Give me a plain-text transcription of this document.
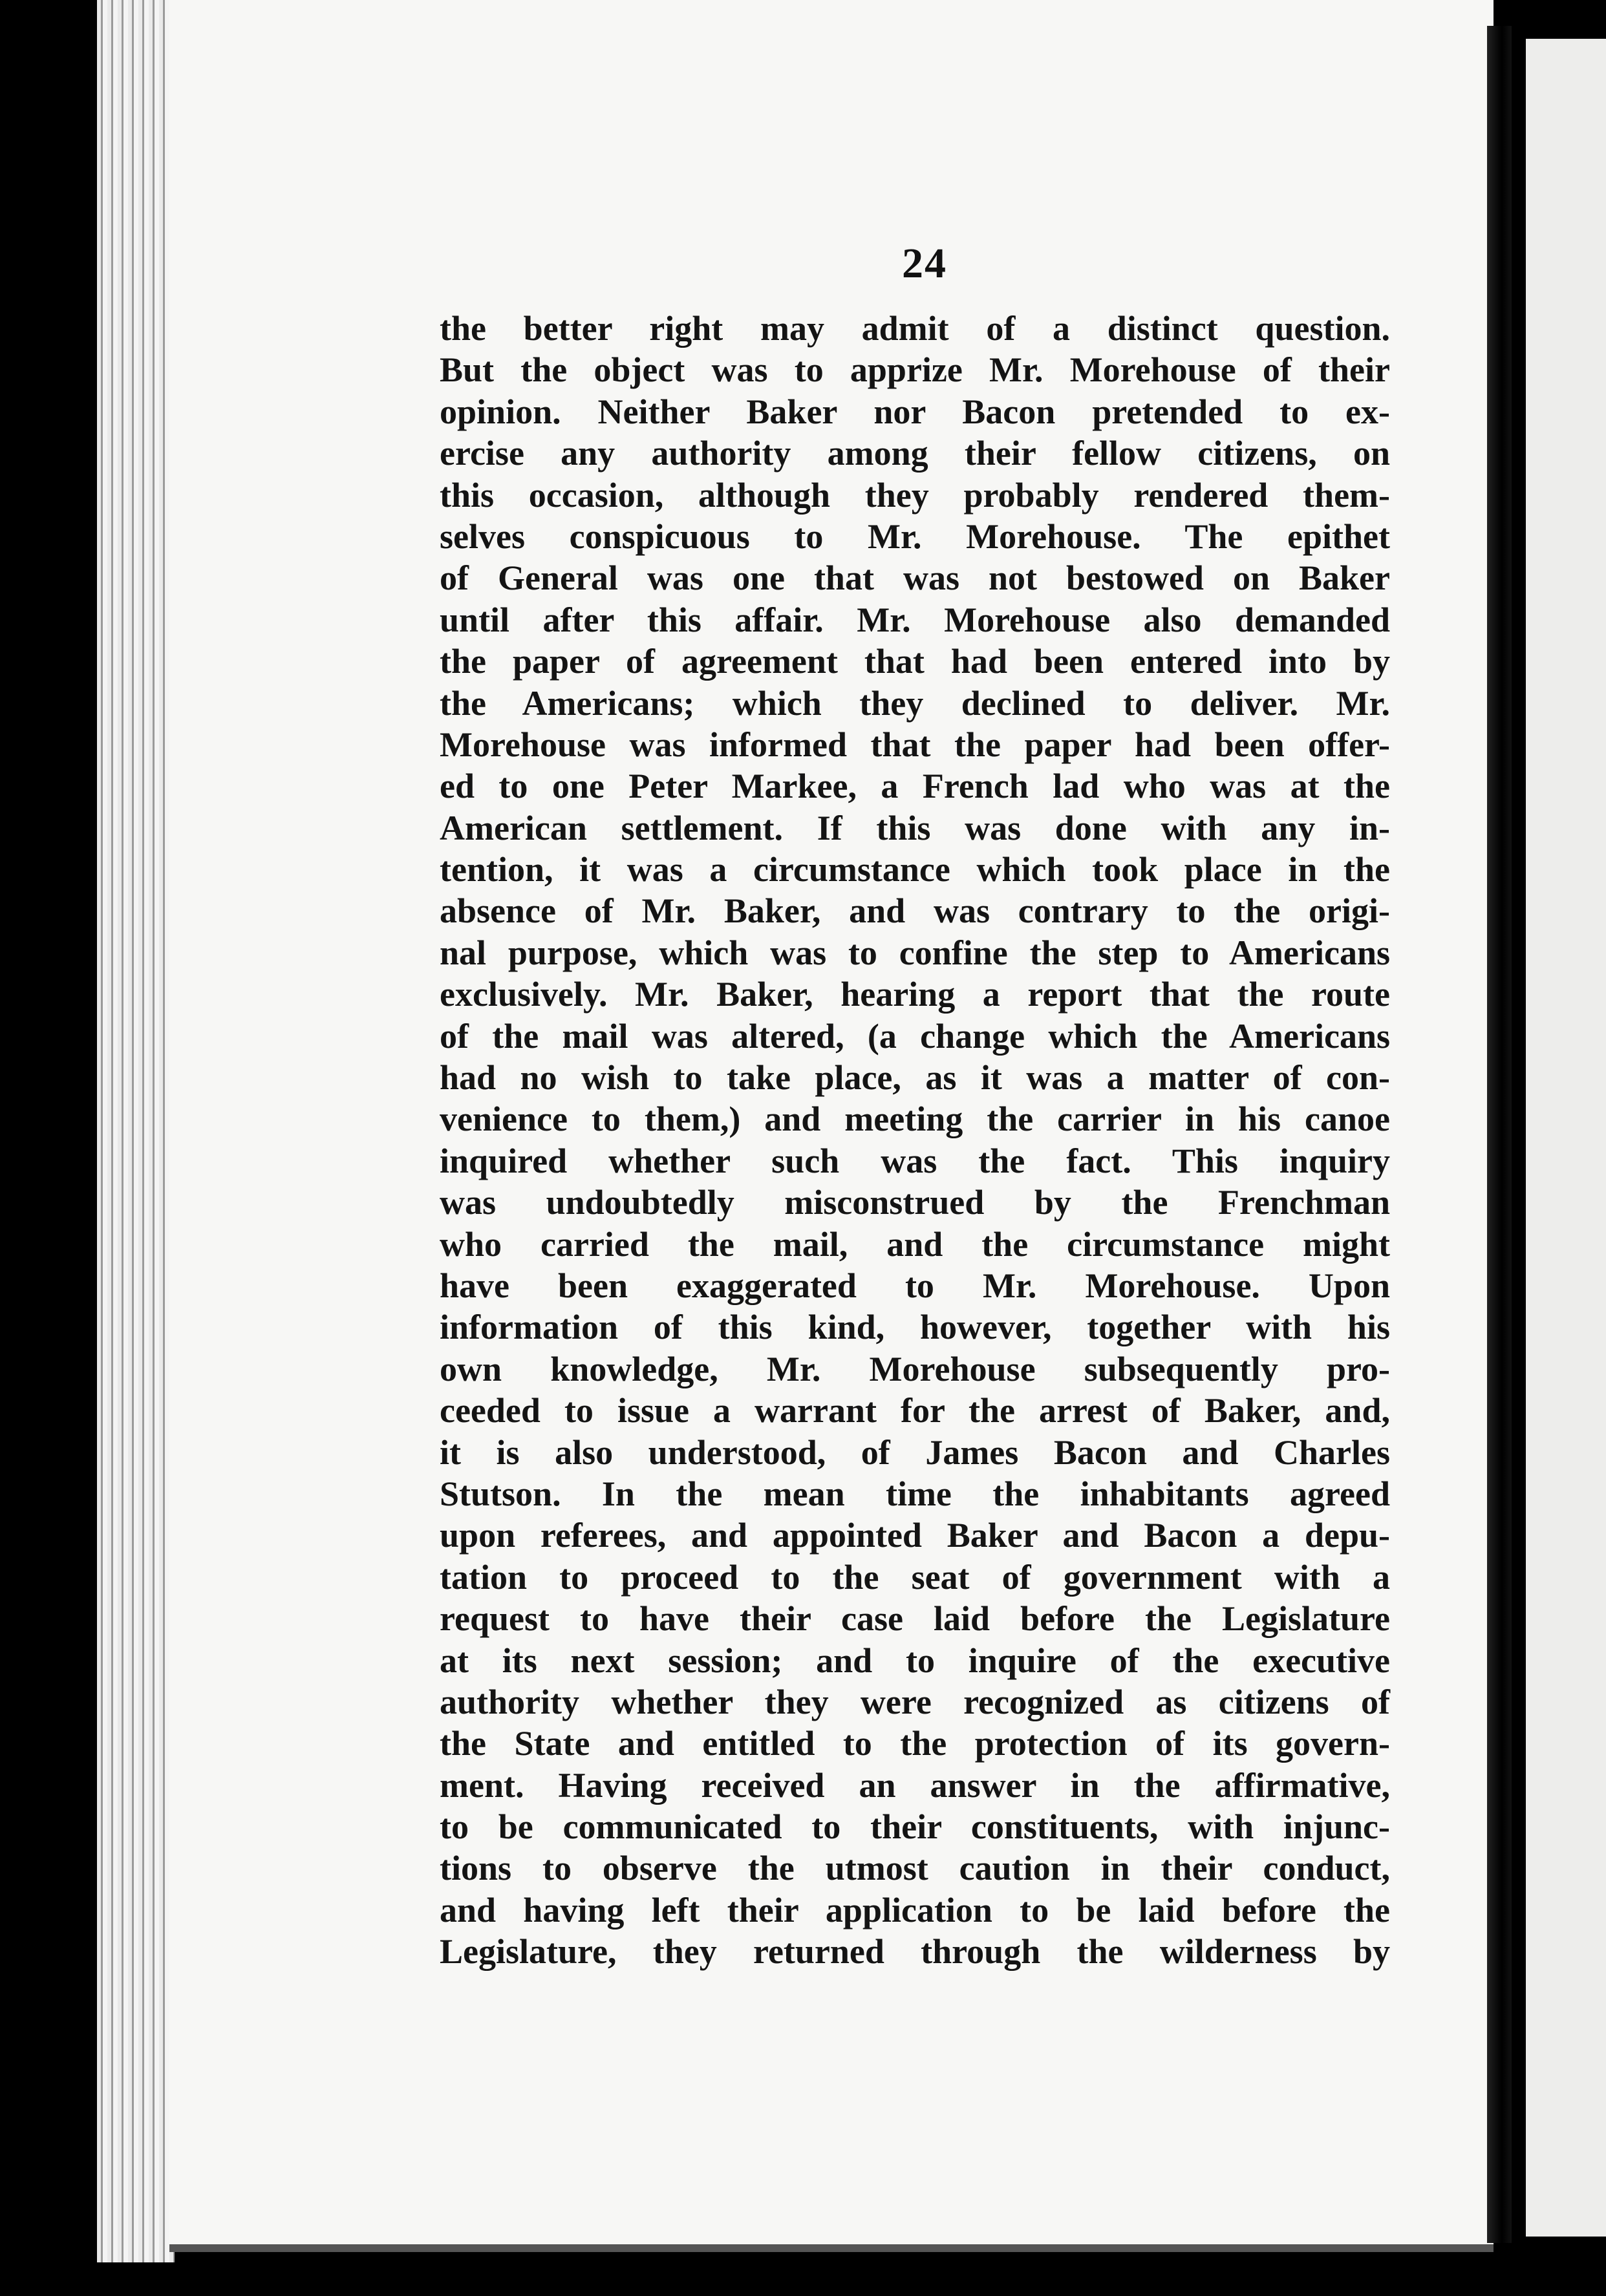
24
the better right may admit of a distinct question.
But the object was to apprize Mr. Morehouse of their
opinion. Neither Baker nor Bacon pretended to ex-
ercise any authority among their fellow citizens, on
this occasion, although they probably rendered them-
selves conspicuous to Mr. Morehouse. The epithet
of General was one that was not bestowed on Baker
until after this affair. Mr. Morehouse also demanded
the paper of agreement that had been entered into by
the Americans; which they declined to deliver. Mr.
Morehouse was informed that the paper had been offer-
ed to one Peter Markee, a French lad who was at the
American settlement. If this was done with any in-
tention, it was a circumstance which took place in the
absence of Mr. Baker, and was contrary to the origi-
nal purpose, which was to confine the step to Americans
exclusively. Mr. Baker, hearing a report that the route
of the mail was altered, (a change which the Americans
had no wish to take place, as it was a matter of con-
venience to them,) and meeting the carrier in his canoe
inquired whether such was the fact. This inquiry
was undoubtedly misconstrued by the Frenchman
who carried the mail, and the circumstance might
have been exaggerated to Mr. Morehouse. Upon
information of this kind, however, together with his
own knowledge, Mr. Morehouse subsequently pro-
ceeded to issue a warrant for the arrest of Baker, and,
it is also understood, of James Bacon and Charles
Stutson. In the mean time the inhabitants agreed
upon referees, and appointed Baker and Bacon a depu-
tation to proceed to the seat of government with a
request to have their case laid before the Legislature
at its next session; and to inquire of the executive
authority whether they were recognized as citizens of
the State and entitled to the protection of its govern-
ment. Having received an answer in the affirmative,
to be communicated to their constituents, with injunc-
tions to observe the utmost caution in their conduct,
and having left their application to be laid before the
Legislature, they returned through the wilderness by
